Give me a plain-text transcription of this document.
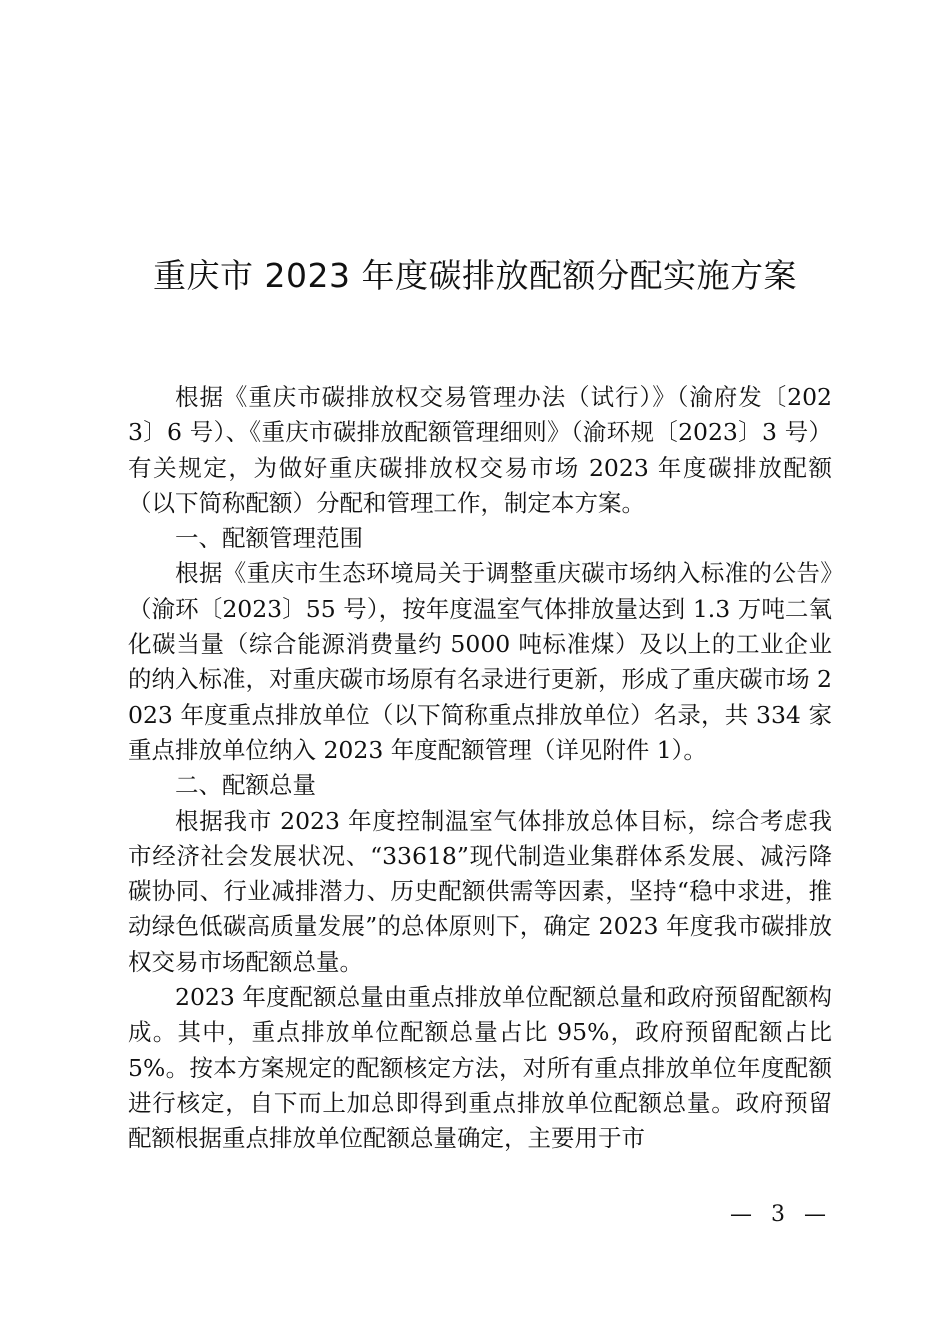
重庆市 2023 年度碳排放配额分配实施方案

根据《重庆市碳排放权交易管理办法（试行）》（渝府发〔2023〕6 号）、《重庆市碳排放配额管理细则》（渝环规〔2023〕3 号）有关规定，为做好重庆碳排放权交易市场 2023 年度碳排放配额（以下简称配额）分配和管理工作，制定本方案。

一、配额管理范围

根据《重庆市生态环境局关于调整重庆碳市场纳入标准的公告》（渝环〔2023〕55 号），按年度温室气体排放量达到 1.3 万吨二氧化碳当量（综合能源消费量约 5000 吨标准煤）及以上的工业企业的纳入标准，对重庆碳市场原有名录进行更新，形成了重庆碳市场 2023 年度重点排放单位（以下简称重点排放单位）名录，共 334 家重点排放单位纳入 2023 年度配额管理（详见附件 1）。

二、配额总量

根据我市 2023 年度控制温室气体排放总体目标，综合考虑我市经济社会发展状况、“33618”现代制造业集群体系发展、减污降碳协同、行业减排潜力、历史配额供需等因素，坚持“稳中求进，推动绿色低碳高质量发展”的总体原则下，确定 2023 年度我市碳排放权交易市场配额总量。

2023 年度配额总量由重点排放单位配额总量和政府预留配额构成。其中，重点排放单位配额总量占比 95%，政府预留配额占比 5%。按本方案规定的配额核定方法，对所有重点排放单位年度配额进行核定，自下而上加总即得到重点排放单位配额总量。政府预留配额根据重点排放单位配额总量确定，主要用于市

— 3 —
